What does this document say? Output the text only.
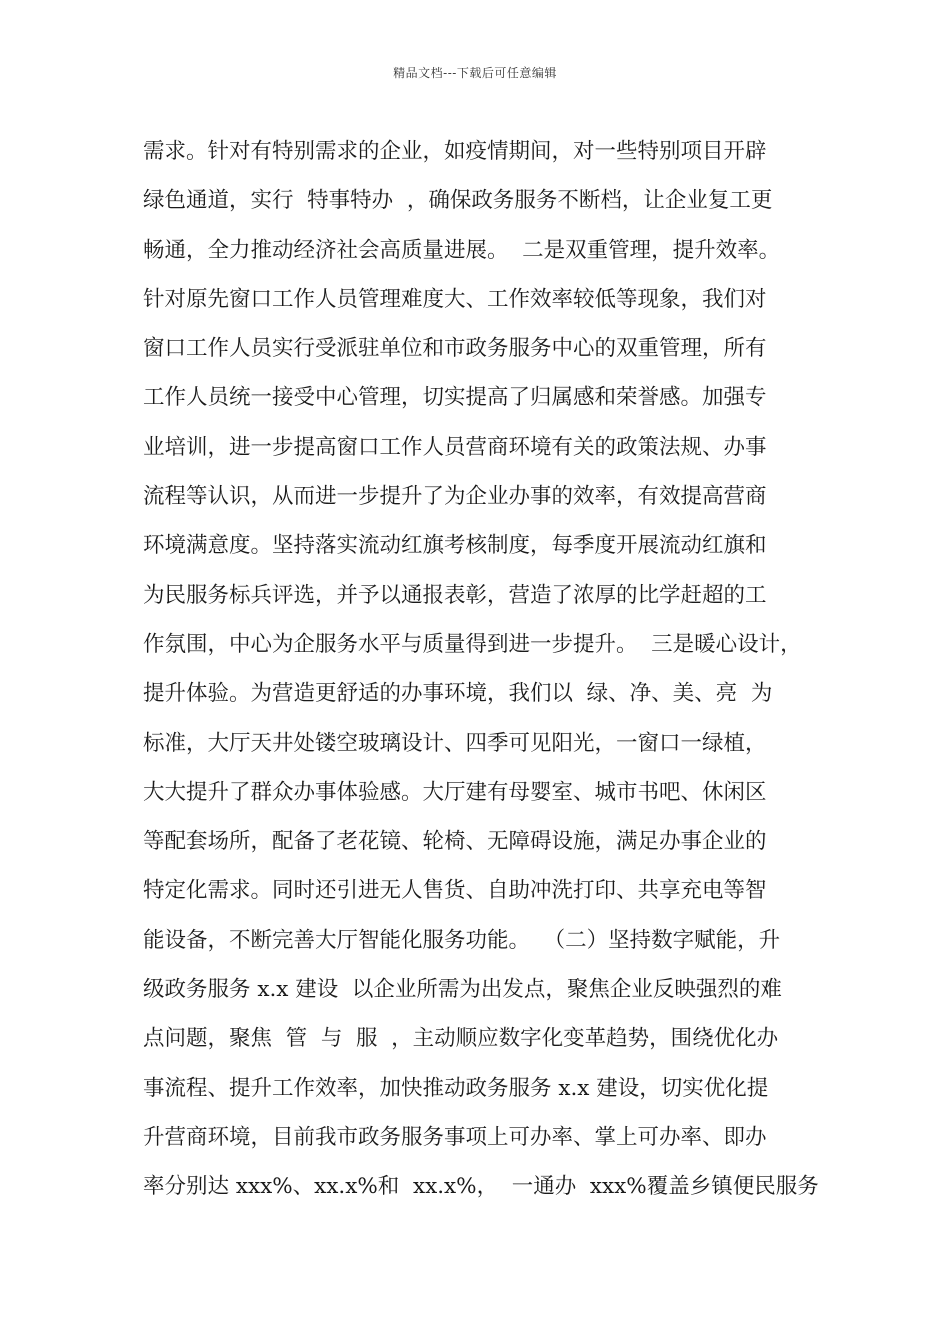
精品文档---下载后可任意编辑
需求。针对有特别需求的企业，如疫情期间，对一些特别项目开辟
绿色通道，实行  特事特办  ，确保政务服务不断档，让企业复工更
畅通，全力推动经济社会高质量进展。  二是双重管理，提升效率。
针对原先窗口工作人员管理难度大、工作效率较低等现象，我们对
窗口工作人员实行受派驻单位和市政务服务中心的双重管理，所有
工作人员统一接受中心管理，切实提高了归属感和荣誉感。加强专
业培训，进一步提高窗口工作人员营商环境有关的政策法规、办事
流程等认识，从而进一步提升了为企业办事的效率，有效提高营商
环境满意度。坚持落实流动红旗考核制度，每季度开展流动红旗和
为民服务标兵评选，并予以通报表彰，营造了浓厚的比学赶超的工
作氛围，中心为企服务水平与质量得到进一步提升。  三是暖心设计，
提升体验。为营造更舒适的办事环境，我们以  绿、净、美、亮  为
标准，大厅天井处镂空玻璃设计、四季可见阳光，一窗口一绿植，
大大提升了群众办事体验感。大厅建有母婴室、城市书吧、休闲区
等配套场所，配备了老花镜、轮椅、无障碍设施，满足办事企业的
特定化需求。同时还引进无人售货、自助冲洗打印、共享充电等智
能设备，不断完善大厅智能化服务功能。  （二）坚持数字赋能，升
级政务服务 x.x 建设  以企业所需为出发点，聚焦企业反映强烈的难
点问题，聚焦  管  与  服  ，主动顺应数字化变革趋势，围绕优化办
事流程、提升工作效率，加快推动政务服务 x.x 建设，切实优化提
升营商环境，目前我市政务服务事项上可办率、掌上可办率、即办
率分别达 xxx%、xx.x%和  xx.x%，  一通办  xxx%覆盖乡镇便民服务
